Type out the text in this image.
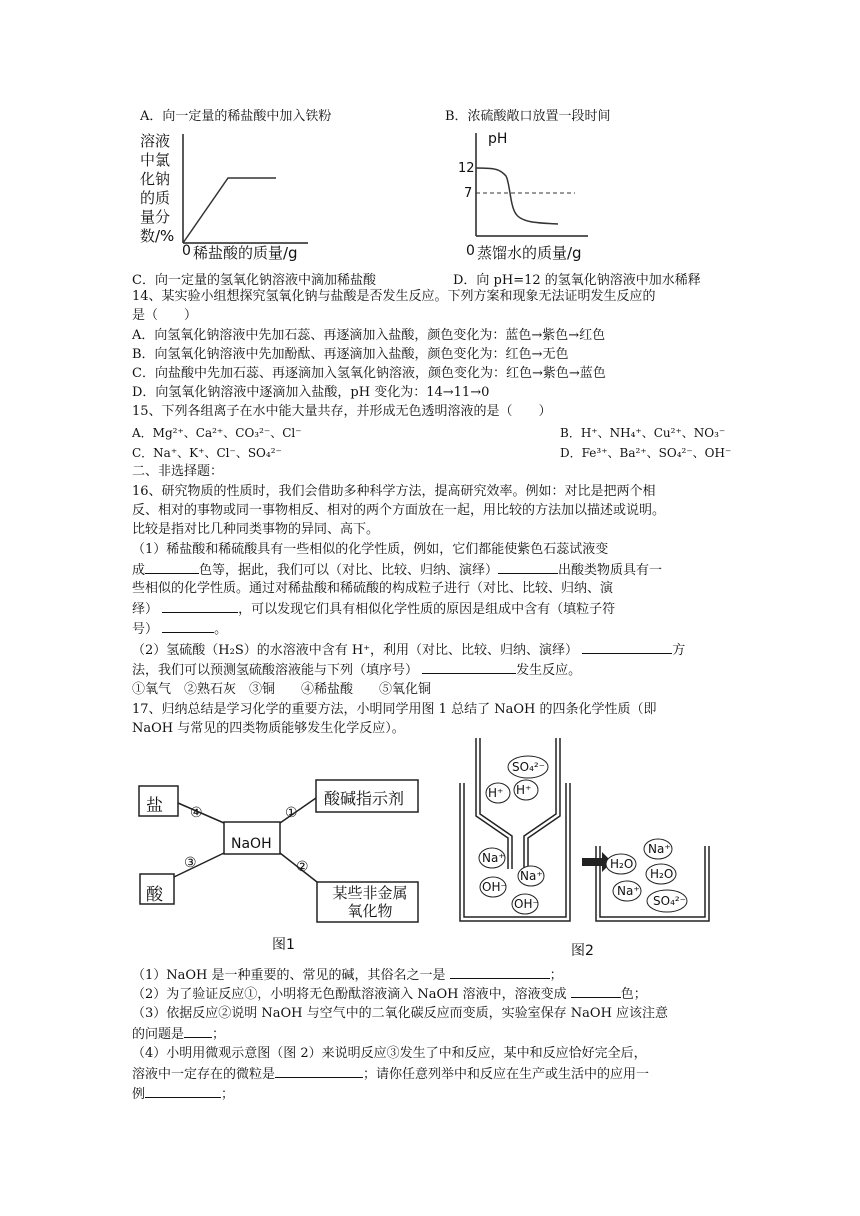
A．向一定量的稀盐酸中加入铁粉	B．浓硫酸敞口放置一段时间
溶液
中氯
化钠
的质
量分
数/%
0 稀盐酸的质量/g
pH
12
7
0 蒸馏水的质量/g
C．向一定量的氢氧化钠溶液中滴加稀盐酸	D．向 pH=12 的氢氧化钠溶液中加水稀释
14、某实验小组想探究氢氧化钠与盐酸是否发生反应。下列方案和现象无法证明发生反应的
是（　　）
A．向氢氧化钠溶液中先加石蕊、再逐滴加入盐酸，颜色变化为：蓝色→紫色→红色
B．向氢氧化钠溶液中先加酚酞、再逐滴加入盐酸，颜色变化为：红色→无色
C．向盐酸中先加石蕊、再逐滴加入氢氧化钠溶液，颜色变化为：红色→紫色→蓝色
D．向氢氧化钠溶液中逐滴加入盐酸，pH 变化为：14→11→0
15、下列各组离子在水中能大量共存，并形成无色透明溶液的是（　　）
A．Mg²⁺、Ca²⁺、CO₃²⁻、Cl⁻	B．H⁺、NH₄⁺、Cu²⁺、NO₃⁻
C．Na⁺、K⁺、Cl⁻、SO₄²⁻	D．Fe³⁺、Ba²⁺、SO₄²⁻、OH⁻
二、非选择题：
16、研究物质的性质时，我们会借助多种科学方法，提高研究效率。例如：对比是把两个相
反、相对的事物或同一事物相反、相对的两个方面放在一起，用比较的方法加以描述或说明。
比较是指对比几种同类事物的异同、高下。
（1）稀盐酸和稀硫酸具有一些相似的化学性质，例如，它们都能使紫色石蕊试液变
成	色等，据此，我们可以（对比、比较、归纳、演绎）	出酸类物质具有一
些相似的化学性质。通过对稀盐酸和稀硫酸的构成粒子进行（对比、比较、归纳、演
绎）	，可以发现它们具有相似化学性质的原因是组成中含有（填粒子符
号）	。
（2）氢硫酸（H₂S）的水溶液中含有 H⁺，利用（对比、比较、归纳、演绎）	方
法，我们可以预测氢硫酸溶液能与下列（填序号）	发生反应。
①氧气　②熟石灰　③铜　　④稀盐酸　　⑤氧化铜
17、归纳总结是学习化学的重要方法，小明同学用图 1 总结了 NaOH 的四条化学性质（即
NaOH 与常见的四类物质能够发生化学反应）。
盐	酸碱指示剂
NaOH
酸	某些非金属
氧化物
④	①
③	②
图1
SO₄²⁻
H⁺ H⁺
Na⁺
Na⁺
OH⁻
OH⁻
Na⁺
H₂O
H₂O
Na⁺
SO₄²⁻
图2
（1）NaOH 是一种重要的、常见的碱，其俗名之一是	；
（2）为了验证反应①，小明将无色酚酞溶液滴入 NaOH 溶液中，溶液变成	色；
（3）依据反应②说明 NaOH 与空气中的二氧化碳反应而变质，实验室保存 NaOH 应该注意
的问题是 ；
（4）小明用微观示意图（图 2）来说明反应③发生了中和反应，某中和反应恰好完全后，
溶液中一定存在的微粒是	；请你任意列举中和反应在生产或生活中的应用一
例	；
